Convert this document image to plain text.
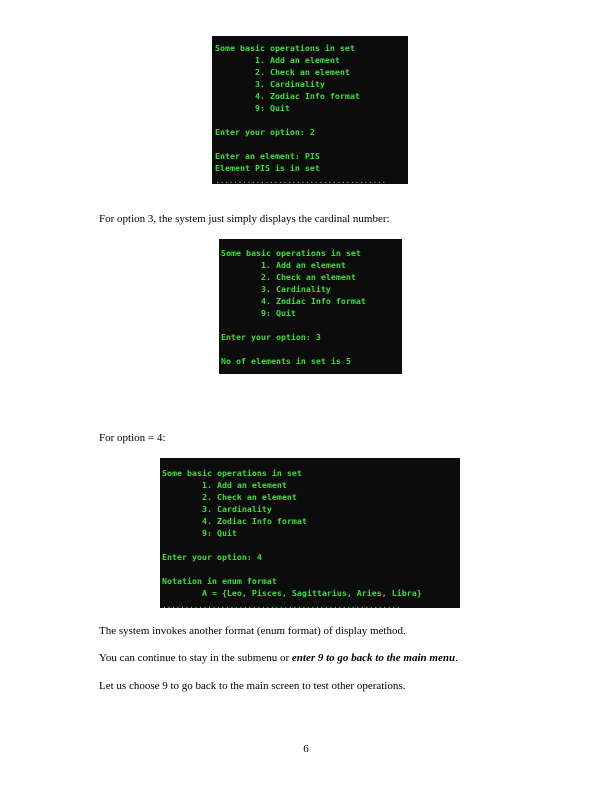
Some basic operations in set
1. Add an element
2. Check an element
3. Cardinality
4. Zodiac Info format
9: Quit
Enter your option: 2
Enter an element: PIS
Element PIS is in set
......................................
For option 3, the system just simply displays the cardinal number:
Some basic operations in set
1. Add an element
2. Check an element
3. Cardinality
4. Zodiac Info format
9: Quit
Enter your option: 3
No of elements in set is 5
For option = 4:
Some basic operations in set
1. Add an element
2. Check an element
3. Cardinality
4. Zodiac Info format
9: Quit
Enter your option: 4
Notation in enum format
A = {Leo, Pisces, Sagittarius, Aries, Libra}
.....................................................
The system invokes another format (enum format) of display method.
You can continue to stay in the submenu or enter 9 to go back to the main menu.
Let us choose 9 to go back to the main screen to test other operations.
6
